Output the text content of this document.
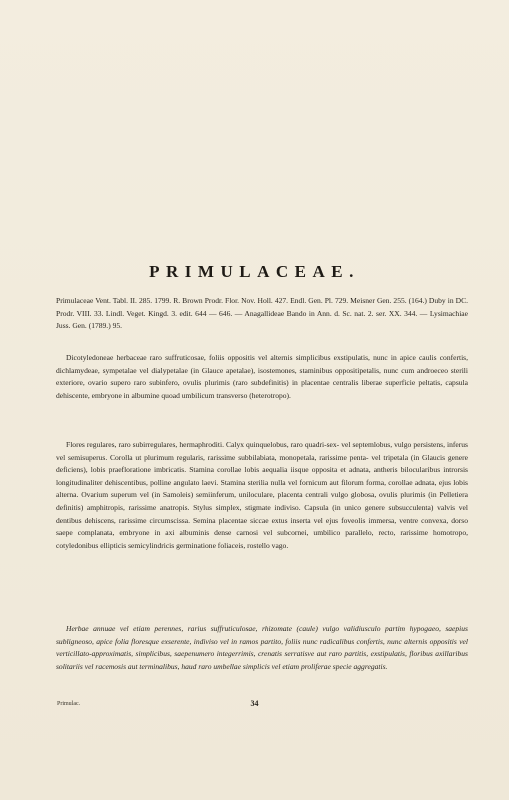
PRIMULACEAE.

Primulaceae Vent. Tabl. II. 285. 1799. R. Brown Prodr. Flor. Nov. Holl. 427. Endl. Gen. Pl. 729. Meisner Gen. 255. (164.) Duby in DC. Prodr. VIII. 33. Lindl. Veget. Kingd. 3. edit. 644 — 646. — Anagallideae Bando in Ann. d. Sc. nat. 2. ser. XX. 344. — Lysimachiae Juss. Gen. (1789.) 95.

Dicotyledoneae herbaceae raro suffruticosae, foliis oppositis vel alternis simplicibus exstipulatis, nunc in apice caulis confertis, dichlamydeae, sympetalae vel dialypetalae (in Glauce apetalae), isostemones, staminibus oppositipetalis, nunc cum androeceo sterili exteriore, ovario supero raro subinfero, ovulis plurimis (raro subdefinitis) in placentae centralis liberae superficie peltatis, capsula dehiscente, embryone in albumine quoad umbilicum transverso (heterotropo).

Flores regulares, raro subirregulares, hermaphroditi. Calyx quinquelobus, raro quadri-sex- vel septemlobus, vulgo persistens, inferus vel semisuperus. Corolla ut plurimum regularis, rarissime subbilabiata, monopetala, rarissime penta- vel tripetala (in Glaucis genere deficiens), lobis praefloratione imbricatis. Stamina corollae lobis aequalia iisque opposita et adnata, antheris bilocularibus introrsis longitudinaliter dehiscentibus, polline angulato laevi. Stamina sterilia nulla vel fornicum aut filorum forma, corollae adnata, ejus lobis alterna. Ovarium superum vel (in Samoleis) semiinferum, uniloculare, placenta centrali vulgo globosa, ovulis plurimis (in Pelletiera definitis) amphitropis, rarissime anatropis. Stylus simplex, stigmate indiviso. Capsula (in unico genere subsucculenta) valvis vel dentibus dehiscens, rarissime circumscissa. Semina placentae siccae extus inserta vel ejus foveolis immersa, ventre convexa, dorso saepe complanata, embryone in axi albuminis dense carnosi vel subcornei, umbilico parallelo, recto, rarissime homotropo, cotyledonibus ellipticis semicylindricis germinatione foliaceis, rostello vago.

Herbae annuae vel etiam perennes, rarius suffruticulosae, rhizomate (caule) vulgo validiusculo partim hypogaeo, saepius subligneoso, apice folia floresque exserente, indiviso vel in ramos partito, foliis nunc radicalibus confertis, nunc alternis oppositis vel verticillato-approximatis, simplicibus, saepenumero integerrimis, crenatis serratisve aut raro partitis, exstipulatis, floribus axillaribus solitariis vel racemosis aut terminalibus, haud raro umbellae simplicis vel etiam proliferae specie aggregatis.

Primulac.	34
